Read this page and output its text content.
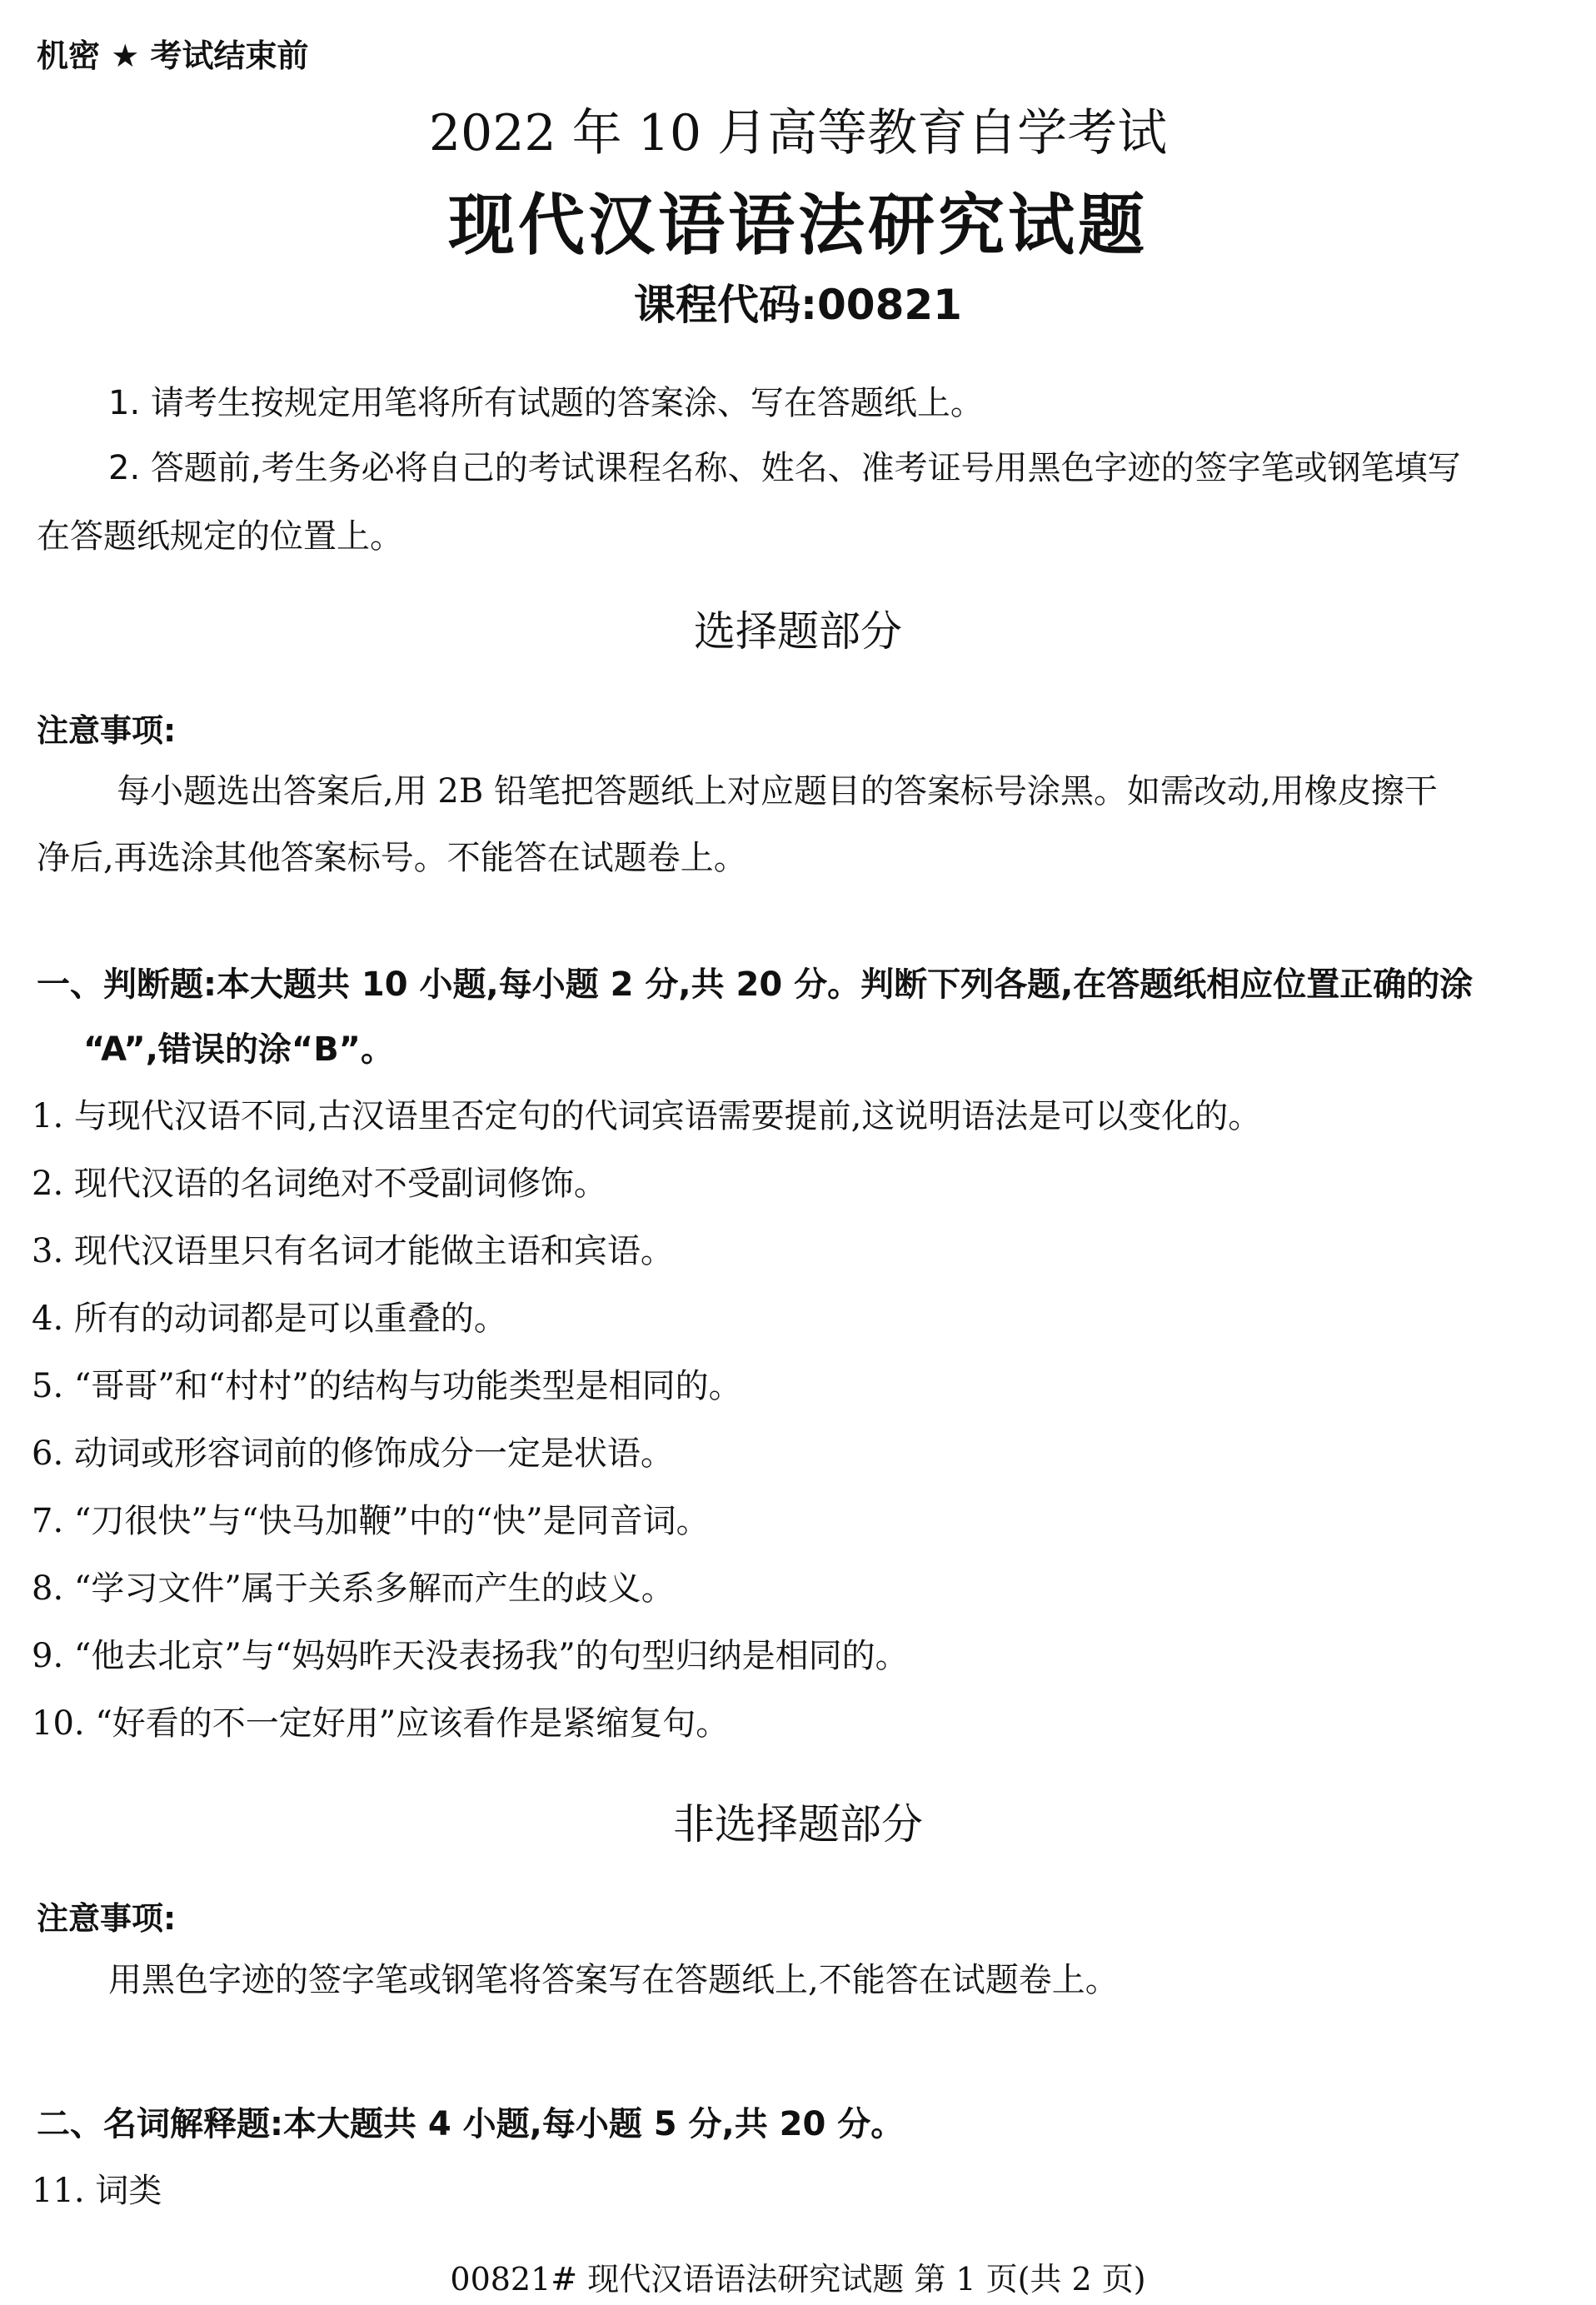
机密 ★ 考试结束前
2022 年 10 月高等教育自学考试
现代汉语语法研究试题
课程代码:00821
1. 请考生按规定用笔将所有试题的答案涂、写在答题纸上。
2. 答题前,考生务必将自己的考试课程名称、姓名、准考证号用黑色字迹的签字笔或钢笔填写
在答题纸规定的位置上。
选择题部分
注意事项:
每小题选出答案后,用 2B 铅笔把答题纸上对应题目的答案标号涂黑。如需改动,用橡皮擦干
净后,再选涂其他答案标号。不能答在试题卷上。
一、判断题:本大题共 10 小题,每小题 2 分,共 20 分。判断下列各题,在答题纸相应位置正确的涂
“A”,错误的涂“B”。
1. 与现代汉语不同,古汉语里否定句的代词宾语需要提前,这说明语法是可以变化的。
2. 现代汉语的名词绝对不受副词修饰。
3. 现代汉语里只有名词才能做主语和宾语。
4. 所有的动词都是可以重叠的。
5. “哥哥”和“村村”的结构与功能类型是相同的。
6. 动词或形容词前的修饰成分一定是状语。
7. “刀很快”与“快马加鞭”中的“快”是同音词。
8. “学习文件”属于关系多解而产生的歧义。
9. “他去北京”与“妈妈昨天没表扬我”的句型归纳是相同的。
10. “好看的不一定好用”应该看作是紧缩复句。
非选择题部分
注意事项:
用黑色字迹的签字笔或钢笔将答案写在答题纸上,不能答在试题卷上。
二、名词解释题:本大题共 4 小题,每小题 5 分,共 20 分。
11. 词类
00821# 现代汉语语法研究试题 第 1 页(共 2 页)
